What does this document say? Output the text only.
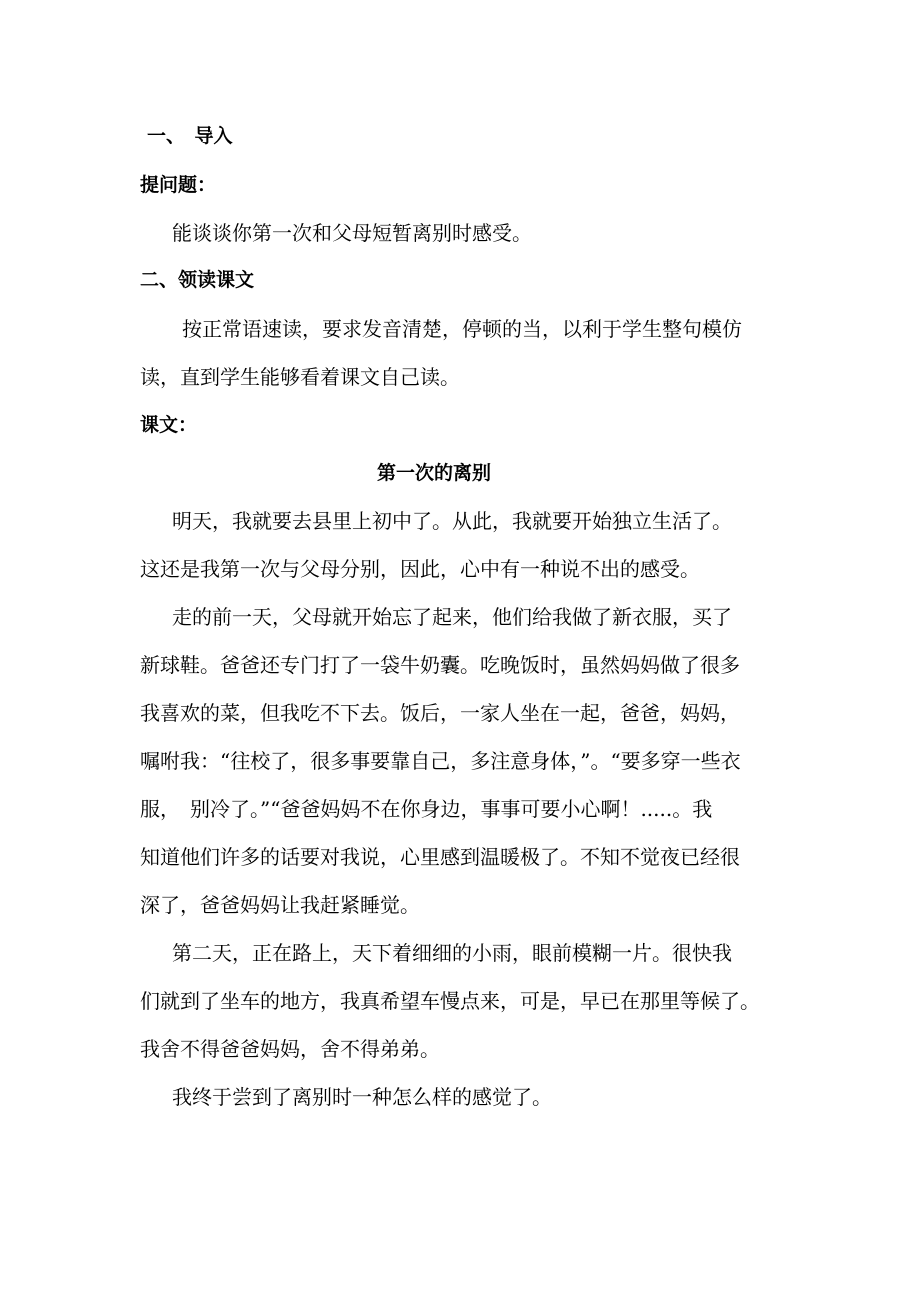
一、　导入
提问题：
能谈谈你第一次和父母短暂离别时感受。
二、领读课文
按正常语速读，要求发音清楚，停顿的当，以利于学生整句模仿
读，直到学生能够看着课文自己读。
课文：
第一次的离别
明天，我就要去县里上初中了。从此，我就要开始独立生活了。
这还是我第一次与父母分别，因此，心中有一种说不出的感受。
走的前一天，父母就开始忘了起来，他们给我做了新衣服，买了
新球鞋。爸爸还专门打了一袋牛奶囊。吃晚饭时，虽然妈妈做了很多
我喜欢的菜，但我吃不下去。饭后，一家人坐在一起，爸爸，妈妈，
嘱咐我：“往校了，很多事要靠自己，多注意身体，”。“要多穿一些衣
服，　别冷了。”“爸爸妈妈不在你身边，事事可要小心啊！.....。我
知道他们许多的话要对我说，心里感到温暖极了。不知不觉夜已经很
深了，爸爸妈妈让我赶紧睡觉。
第二天，正在路上，天下着细细的小雨，眼前模糊一片。很快我
们就到了坐车的地方，我真希望车慢点来，可是，早已在那里等候了。
我舍不得爸爸妈妈，舍不得弟弟。
我终于尝到了离别时一种怎么样的感觉了。
